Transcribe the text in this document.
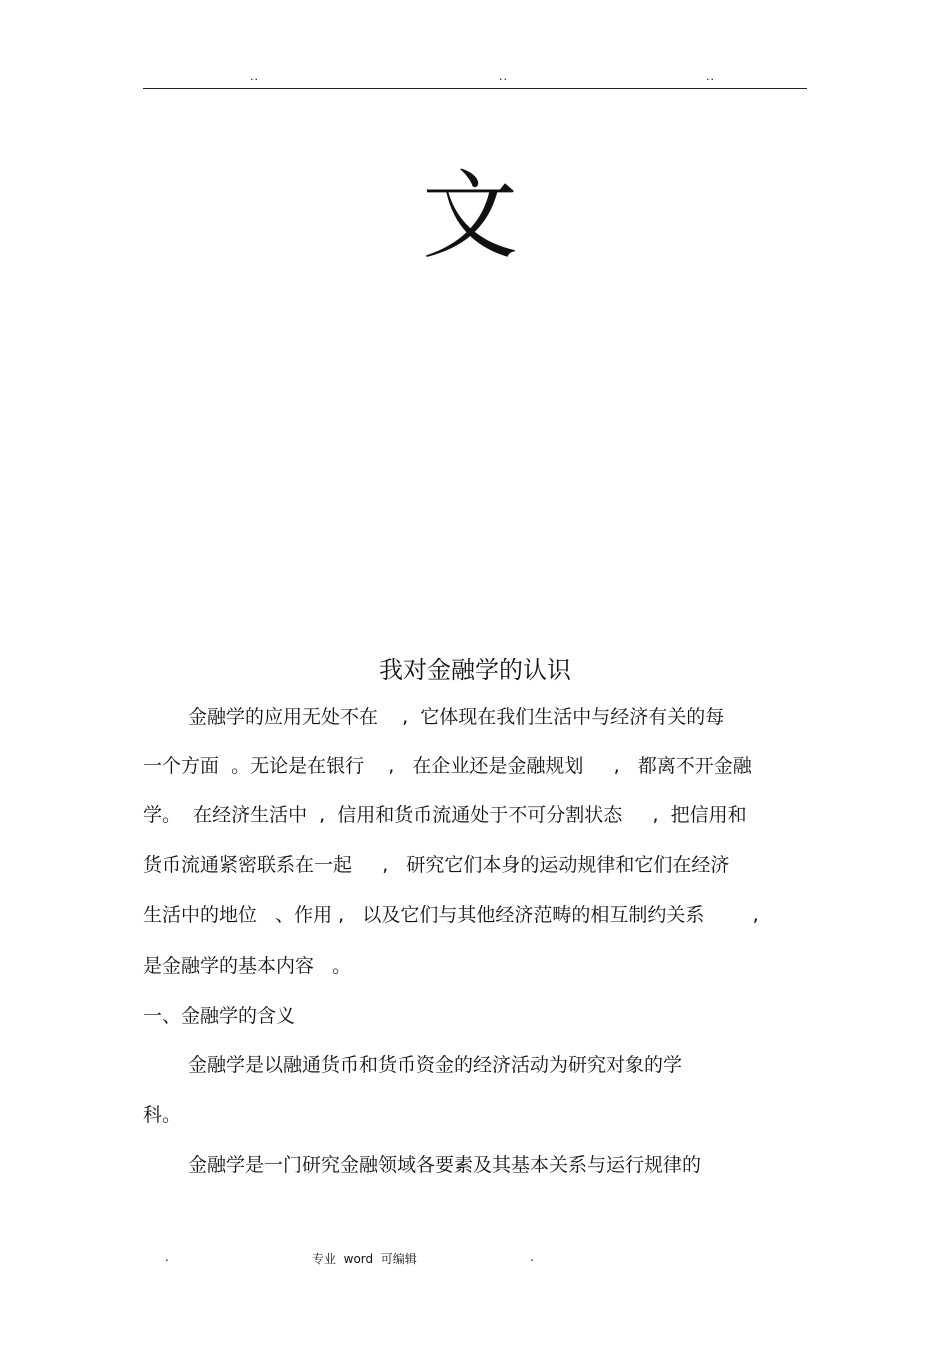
..	..	..
文
我对金融学的认识
金融学的应用无处不在    ,  它体现在我们生活中与经济有关的每
一个方面  。无论是在银行    ,   在企业还是金融规划     ,   都离不开金融
学。  在经济生活中  ,  信用和货币流通处于不可分割状态     ,  把信用和
货币流通紧密联系在一起     ,   研究它们本身的运动规律和它们在经济
生活中的地位   、作用 ,   以及它们与其他经济范畴的相互制约关系        ,
是金融学的基本内容   。
一、金融学的含义
金融学是以融通货币和货币资金的经济活动为研究对象的学
科。
金融学是一门研究金融领域各要素及其基本关系与运行规律的
.	专业  word  可编辑	.
